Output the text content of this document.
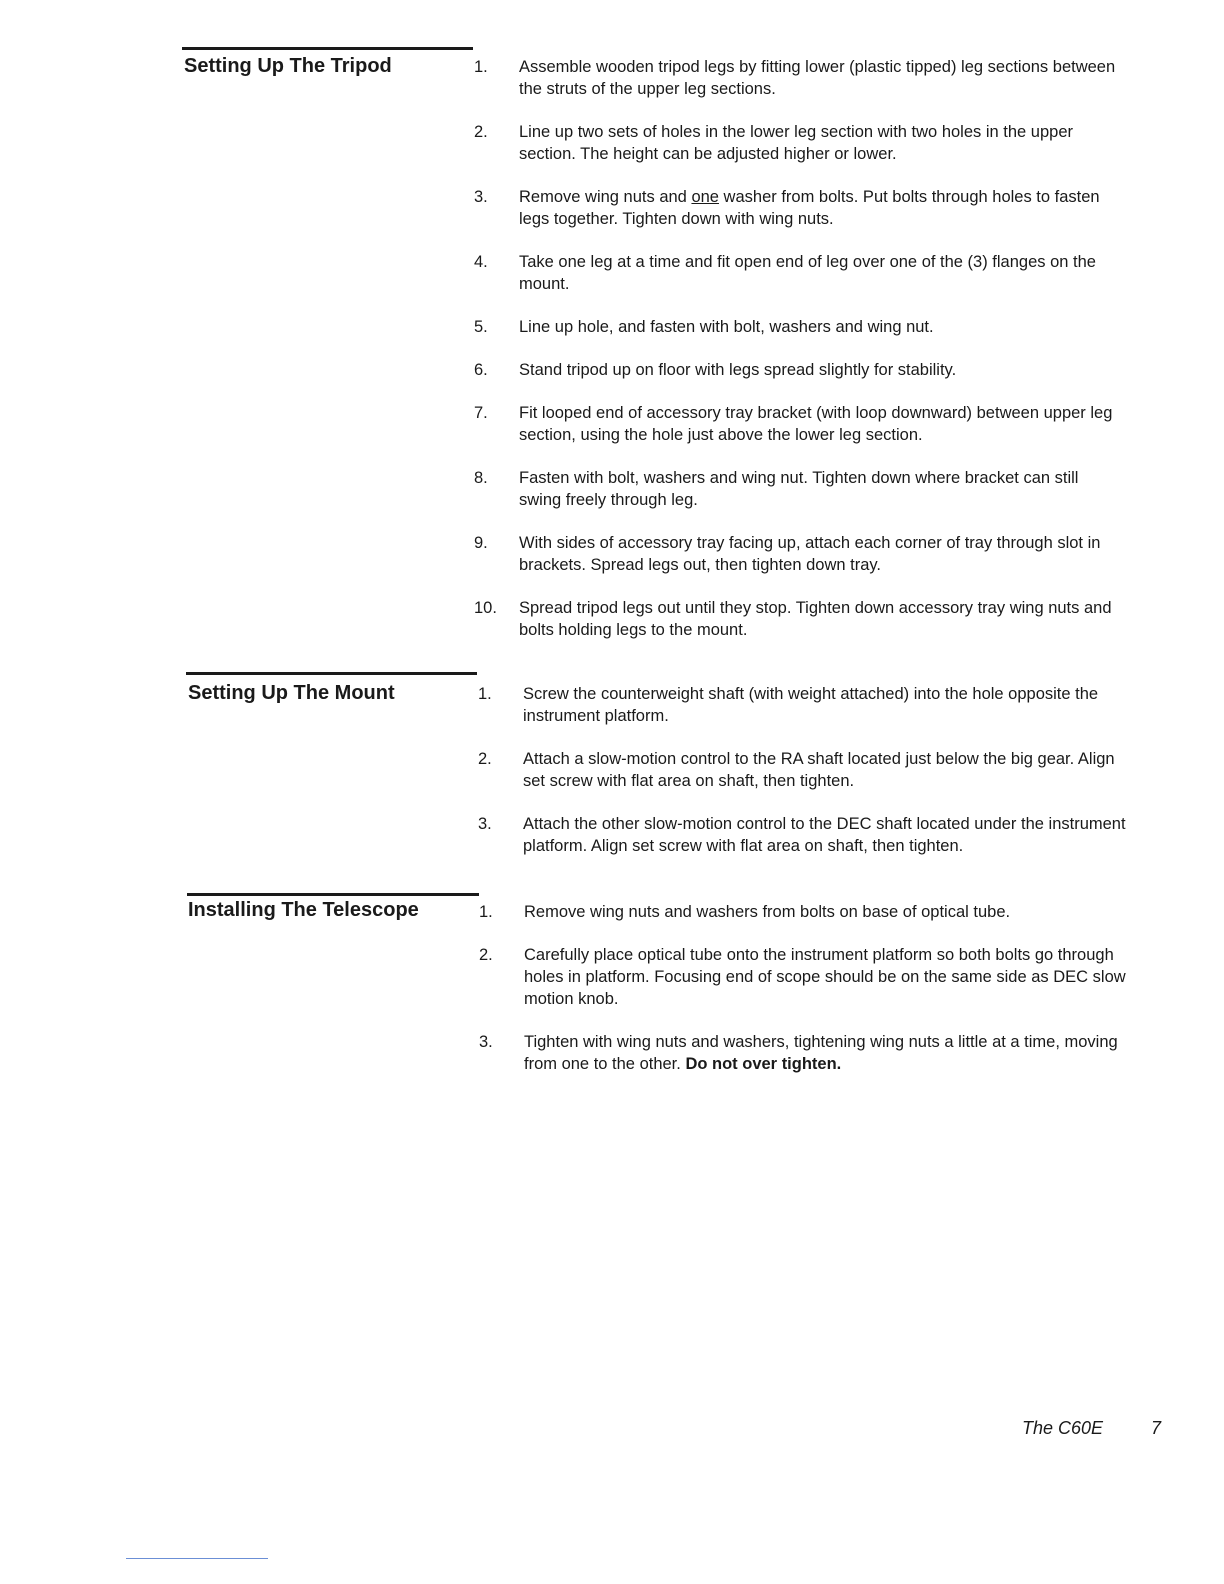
Setting Up The Tripod	1.	Assemble wooden tripod legs by fitting lower (plastic tipped) leg sections between the struts of the upper leg sections.
2.	Line up two sets of holes in the lower leg section with two holes in the upper section. The height can be adjusted higher or lower.
3.	Remove wing nuts and one washer from bolts. Put bolts through holes to fasten legs together. Tighten down with wing nuts.
4.	Take one leg at a time and fit open end of leg over one of the (3) flanges on the mount.
5.	Line up hole, and fasten with bolt, washers and wing nut.
6.	Stand tripod up on floor with legs spread slightly for stability.
7.	Fit looped end of accessory tray bracket (with loop downward) between upper leg section, using the hole just above the lower leg section.
8.	Fasten with bolt, washers and wing nut. Tighten down where bracket can still swing freely through leg.
9.	With sides of accessory tray facing up, attach each corner of tray through slot in brackets. Spread legs out, then tighten down tray.
10.	Spread tripod legs out until they stop. Tighten down accessory tray wing nuts and bolts holding legs to the mount.
Setting Up The Mount	1.	Screw the counterweight shaft (with weight attached) into the hole opposite the instrument platform.
2.	Attach a slow-motion control to the RA shaft located just below the big gear. Align set screw with flat area on shaft, then tighten.
3.	Attach the other slow-motion control to the DEC shaft located under the instrument platform. Align set screw with flat area on shaft, then tighten.
Installing The Telescope	1.	Remove wing nuts and washers from bolts on base of optical tube.
2.	Carefully place optical tube onto the instrument platform so both bolts go through holes in platform. Focusing end of scope should be on the same side as DEC slow motion knob.
3.	Tighten with wing nuts and washers, tightening wing nuts a little at a time, moving from one to the other. Do not over tighten.
The C60E	7
